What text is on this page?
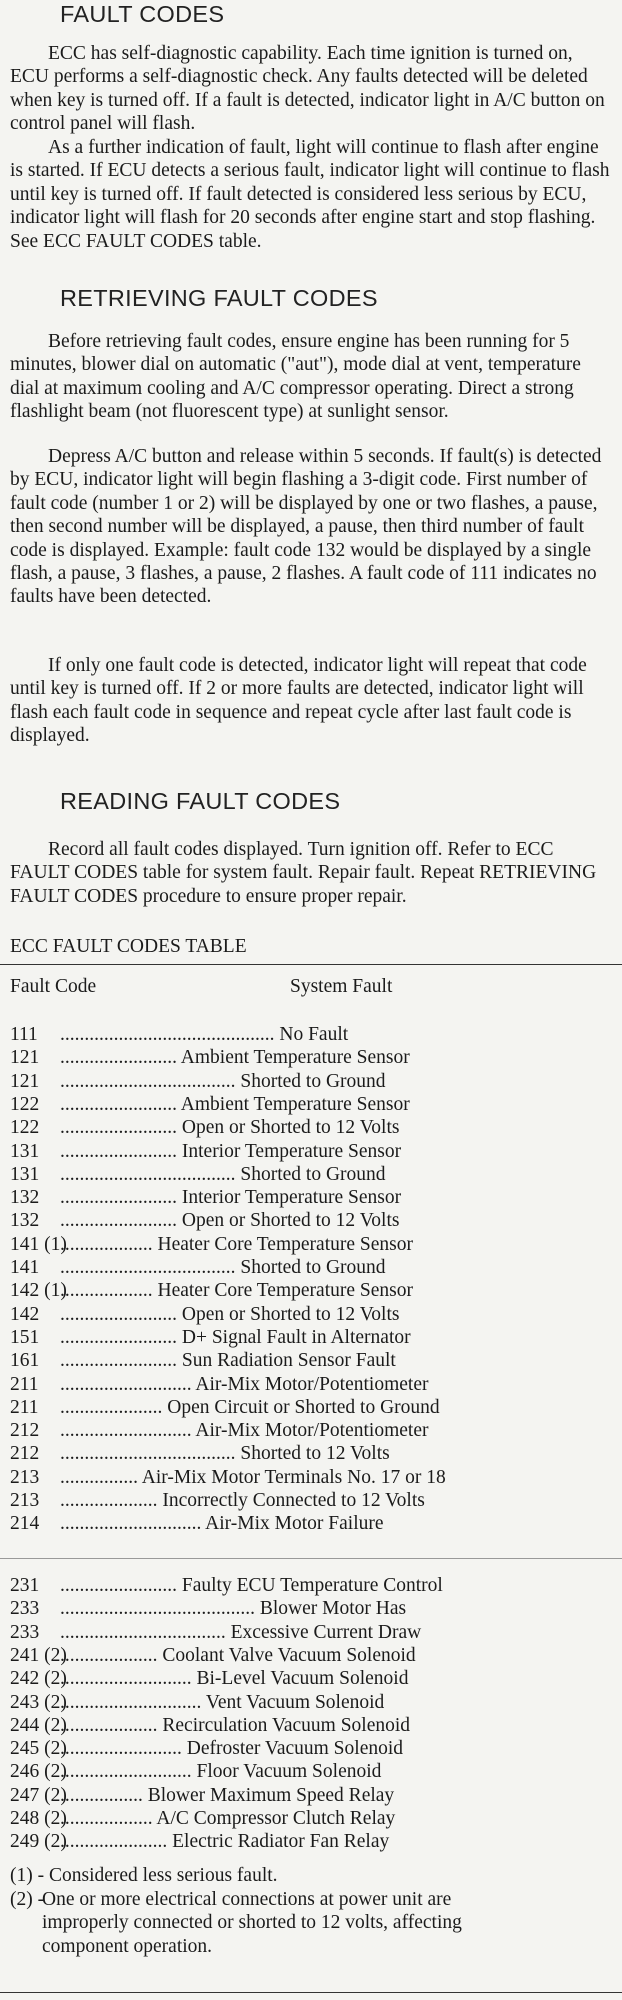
FAULT CODES

ECC has self-diagnostic capability. Each time ignition is turned on, ECU performs a self-diagnostic check. Any faults detected will be deleted when key is turned off. If a fault is detected, indicator light in A/C button on control panel will flash.

As a further indication of fault, light will continue to flash after engine is started. If ECU detects a serious fault, indicator light will continue to flash until key is turned off. If fault detected is considered less serious by ECU, indicator light will flash for 20 seconds after engine start and stop flashing. See ECC FAULT CODES table.

RETRIEVING FAULT CODES

Before retrieving fault codes, ensure engine has been running for 5 minutes, blower dial on automatic ("aut"), mode dial at vent, temperature dial at maximum cooling and A/C compressor operating. Direct a strong flashlight beam (not fluorescent type) at sunlight sensor.

Depress A/C button and release within 5 seconds. If fault(s) is detected by ECU, indicator light will begin flashing a 3-digit code. First number of fault code (number 1 or 2) will be displayed by one or two flashes, a pause, then second number will be displayed, a pause, then third number of fault code is displayed. Example: fault code 132 would be displayed by a single flash, a pause, 3 flashes, a pause, 2 flashes. A fault code of 111 indicates no faults have been detected.

If only one fault code is detected, indicator light will repeat that code until key is turned off. If 2 or more faults are detected, indicator light will flash each fault code in sequence and repeat cycle after last fault code is displayed.

READING FAULT CODES

Record all fault codes displayed. Turn ignition off. Refer to ECC FAULT CODES table for system fault. Repair fault. Repeat RETRIEVING FAULT CODES procedure to ensure proper repair.

ECC FAULT CODES TABLE
Fault Code	System Fault
111 ............................................ No Fault
121 ........................ Ambient Temperature Sensor
121 .................................... Shorted to Ground
122 ........................ Ambient Temperature Sensor
122 ........................ Open or Shorted to 12 Volts
131 ........................ Interior Temperature Sensor
131 .................................... Shorted to Ground
132 ........................ Interior Temperature Sensor
132 ........................ Open or Shorted to 12 Volts
141 (1)
................... Heater Core Temperature Sensor
141 .................................... Shorted to Ground
142 (1)
................... Heater Core Temperature Sensor
142 ........................ Open or Shorted to 12 Volts
151 ........................ D+ Signal Fault in Alternator
161 ........................ Sun Radiation Sensor Fault
211 ........................... Air-Mix Motor/Potentiometer
211 ..................... Open Circuit or Shorted to Ground
212 ........................... Air-Mix Motor/Potentiometer
212 .................................... Shorted to 12 Volts
213 ................ Air-Mix Motor Terminals No. 17 or 18
213 .................... Incorrectly Connected to 12 Volts
214 ............................. Air-Mix Motor Failure
231 ........................ Faulty ECU Temperature Control
233 ........................................ Blower Motor Has
233 .................................. Excessive Current Draw
241 (2)
.................... Coolant Valve Vacuum Solenoid
242 (2)
........................... Bi-Level Vacuum Solenoid
243 (2)
............................. Vent Vacuum Solenoid
244 (2)
.................... Recirculation Vacuum Solenoid
245 (2)
......................... Defroster Vacuum Solenoid
246 (2)
........................... Floor Vacuum Solenoid
247 (2)
................. Blower Maximum Speed Relay
248 (2)
................... A/C Compressor Clutch Relay
249 (2)
...................... Electric Radiator Fan Relay
(1) - Considered less serious fault.
(2) -
One or more electrical connections at power unit are improperly connected or shorted to 12 volts, affecting component operation.
